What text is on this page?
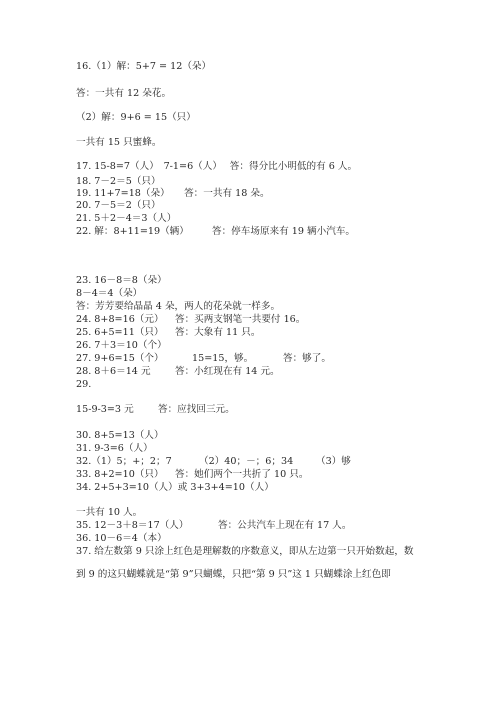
16.（1）解：5+7 = 12（朵）
答：一共有 12 朵花。
（2）解：9+6 = 15（只）
一共有 15 只蜜蜂。
17. 15-8=7（人）　7-1=6（人）　 答：得分比小明低的有 6 人。
18. 7－2＝5（只）
19. 11+7=18（朵）　　答：一共有 18 朵。
20. 7－5＝2（只）
21. 5＋2－4＝3（人）
22. 解：8+11=19（辆） 答：停车场原来有 19 辆小汽车。
23. 16－8＝8（朵）
8－4＝4（朵）
答：芳芳要给晶晶 4 朵，两人的花朵就一样多。
24. 8+8=16（元） 答：买两支钢笔一共要付 16。
25. 6+5=11（只） 答：大象有 11 只。
26. 7＋3＝10（个）
27. 9+6=15（个）	15=15，够。	答：够了。
28. 8＋6＝14 元	答：小红现在有 14 元。
29.
15-9-3=3 元	答：应找回三元。
30. 8+5=13（人）
31. 9-3=6（人）
32.（1）5；+；2；7	（2）40；－；6；34 （3）够
33. 8+2=10（只） 答：她们两个一共折了 10 只。
34. 2+5+3=10（人）或 3+3+4=10（人）
一共有 10 人。
35. 12－3＋8＝17（人）	答：公共汽车上现在有 17 人。
36. 10－6＝4（本）
37. 给左数第 9 只涂上红色是理解数的序数意义，即从左边第一只开始数起，数
到 9 的这只蝴蝶就是“第 9”只蝴蝶，只把“第 9 只”这 1 只蝴蝶涂上红色即
